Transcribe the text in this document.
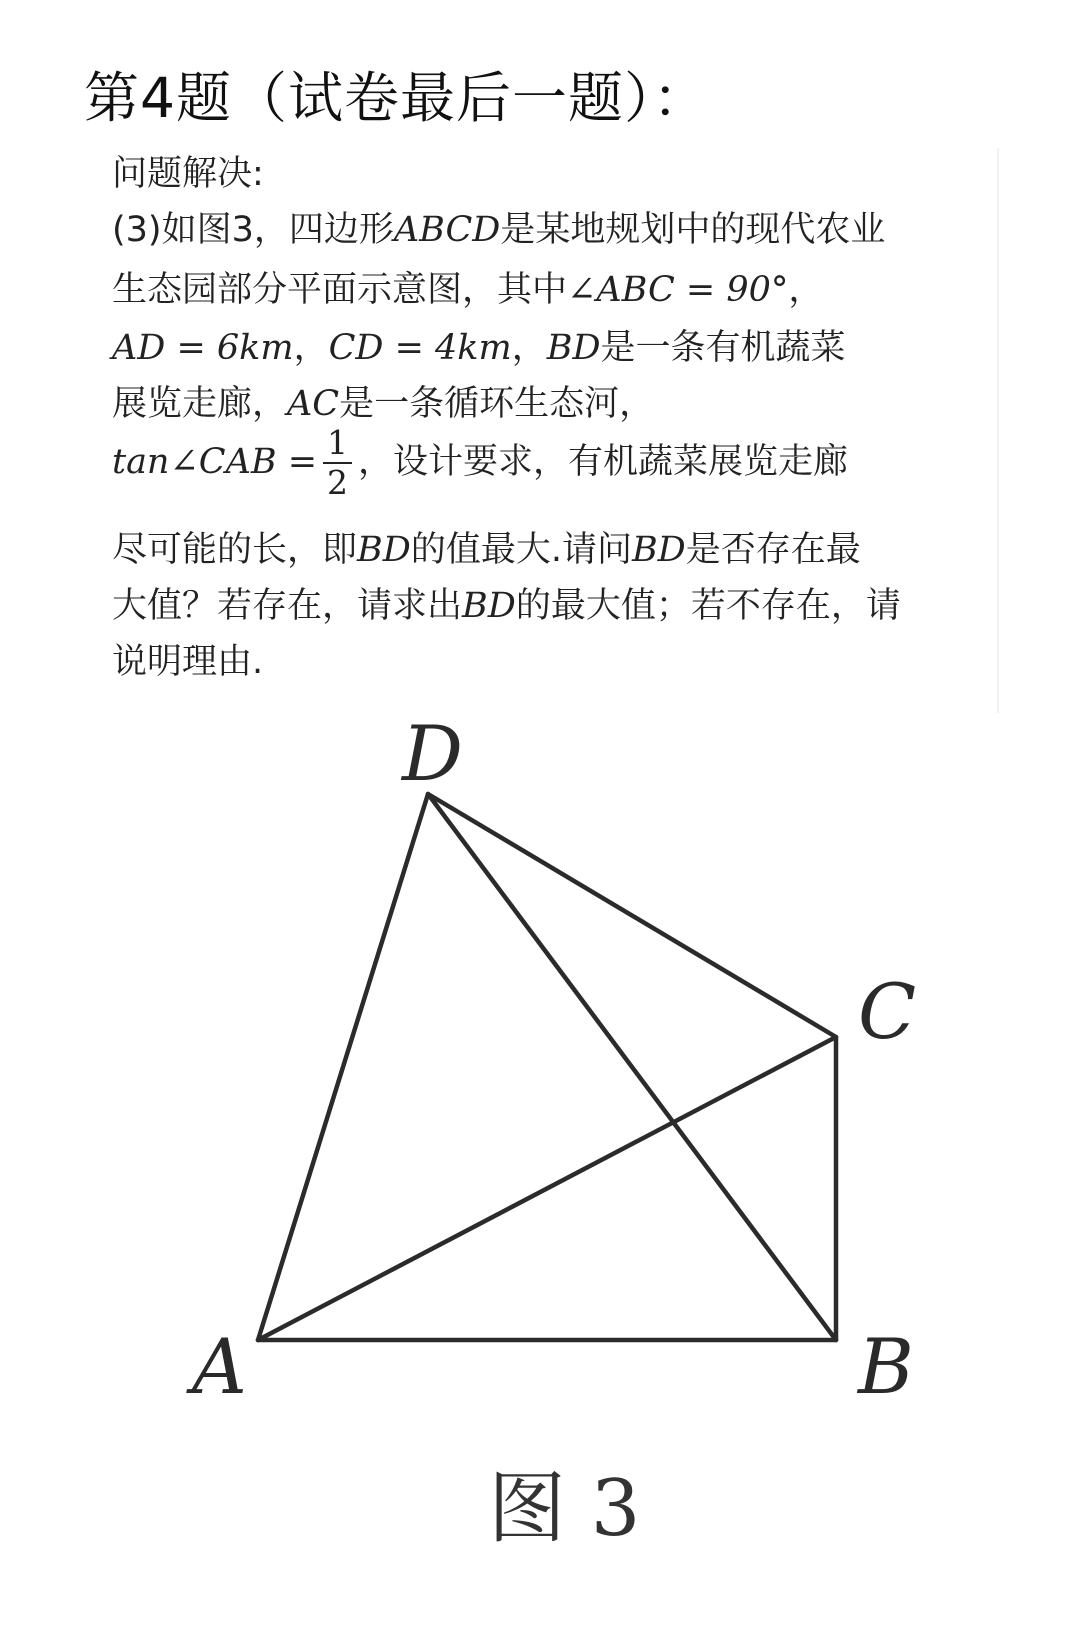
第4题（试卷最后一题）：
问题解决:
(3)如图3，四边形ABCD是某地规划中的现代农业
生态园部分平面示意图，其中∠ABC = 90°，
AD = 6km，CD = 4km，BD是一条有机蔬菜
展览走廊，AC是一条循环生态河，
tan∠CAB = $\frac{1}{2}$ ，设计要求，有机蔬菜展览走廊
尽可能的长，即BD的值最大.请问BD是否存在最
大值？若存在，请求出BD的最大值；若不存在，请
说明理由.
D
C
A	B
图 3
